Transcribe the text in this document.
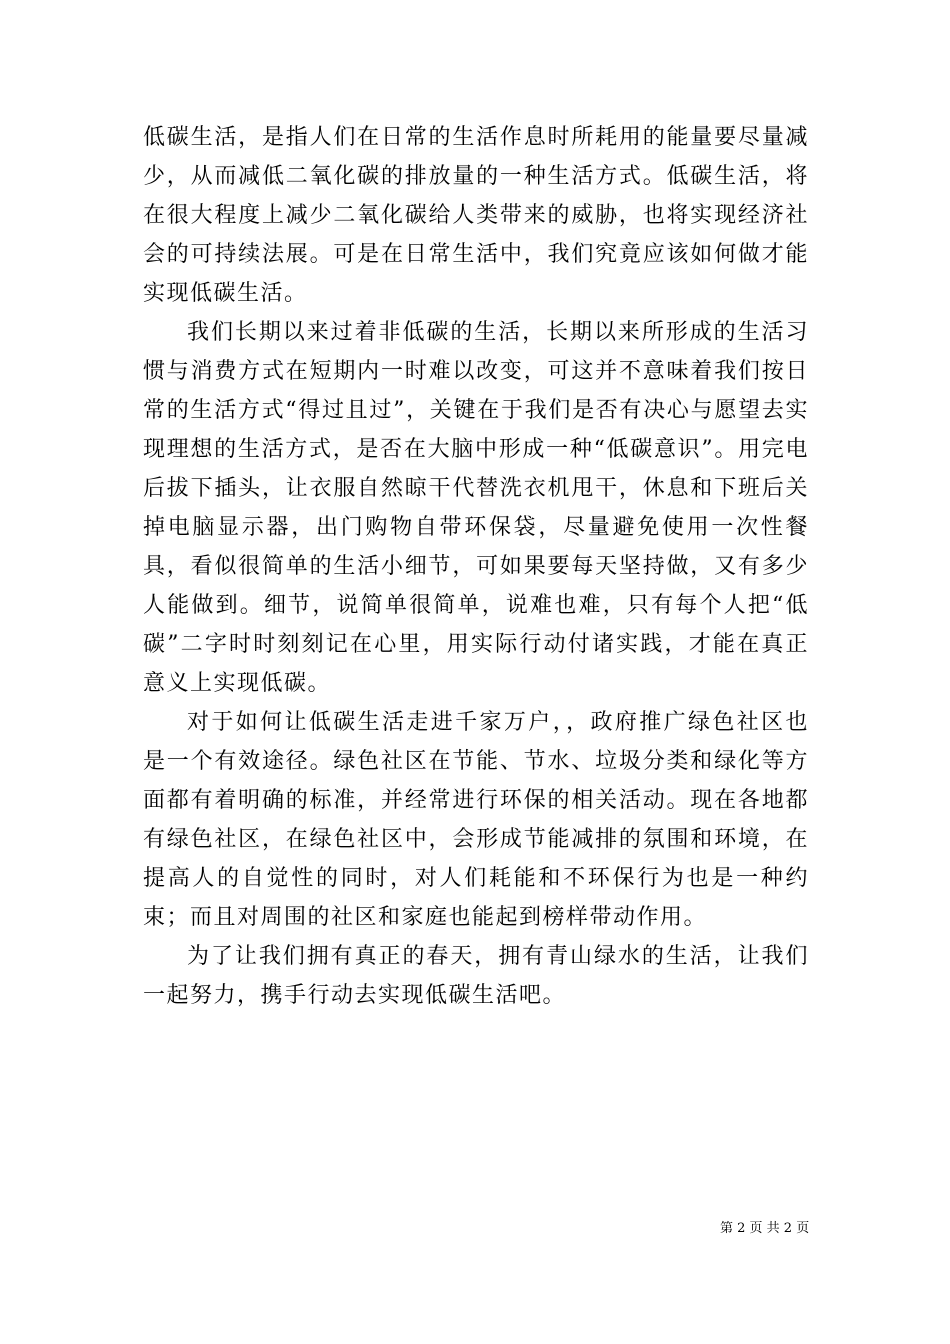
低碳生活，是指人们在日常的生活作息时所耗用的能量要尽量减少，从而减低二氧化碳的排放量的一种生活方式。低碳生活，将在很大程度上减少二氧化碳给人类带来的威胁，也将实现经济社会的可持续法展。可是在日常生活中，我们究竟应该如何做才能实现低碳生活。

我们长期以来过着非低碳的生活，长期以来所形成的生活习惯与消费方式在短期内一时难以改变，可这并不意味着我们按日常的生活方式“得过且过”，关键在于我们是否有决心与愿望去实现理想的生活方式，是否在大脑中形成一种“低碳意识”。用完电后拔下插头，让衣服自然晾干代替洗衣机甩干，休息和下班后关掉电脑显示器，出门购物自带环保袋，尽量避免使用一次性餐具，看似很简单的生活小细节，可如果要每天坚持做，又有多少人能做到。细节，说简单很简单，说难也难，只有每个人把“低碳”二字时时刻刻记在心里，用实际行动付诸实践，才能在真正意义上实现低碳。

对于如何让低碳生活走进千家万户，，政府推广绿色社区也是一个有效途径。绿色社区在节能、节水、垃圾分类和绿化等方面都有着明确的标准，并经常进行环保的相关活动。现在各地都有绿色社区，在绿色社区中，会形成节能减排的氛围和环境，在提高人的自觉性的同时，对人们耗能和不环保行为也是一种约束；而且对周围的社区和家庭也能起到榜样带动作用。

为了让我们拥有真正的春天，拥有青山绿水的生活，让我们一起努力，携手行动去实现低碳生活吧。

第 2 页 共 2 页
